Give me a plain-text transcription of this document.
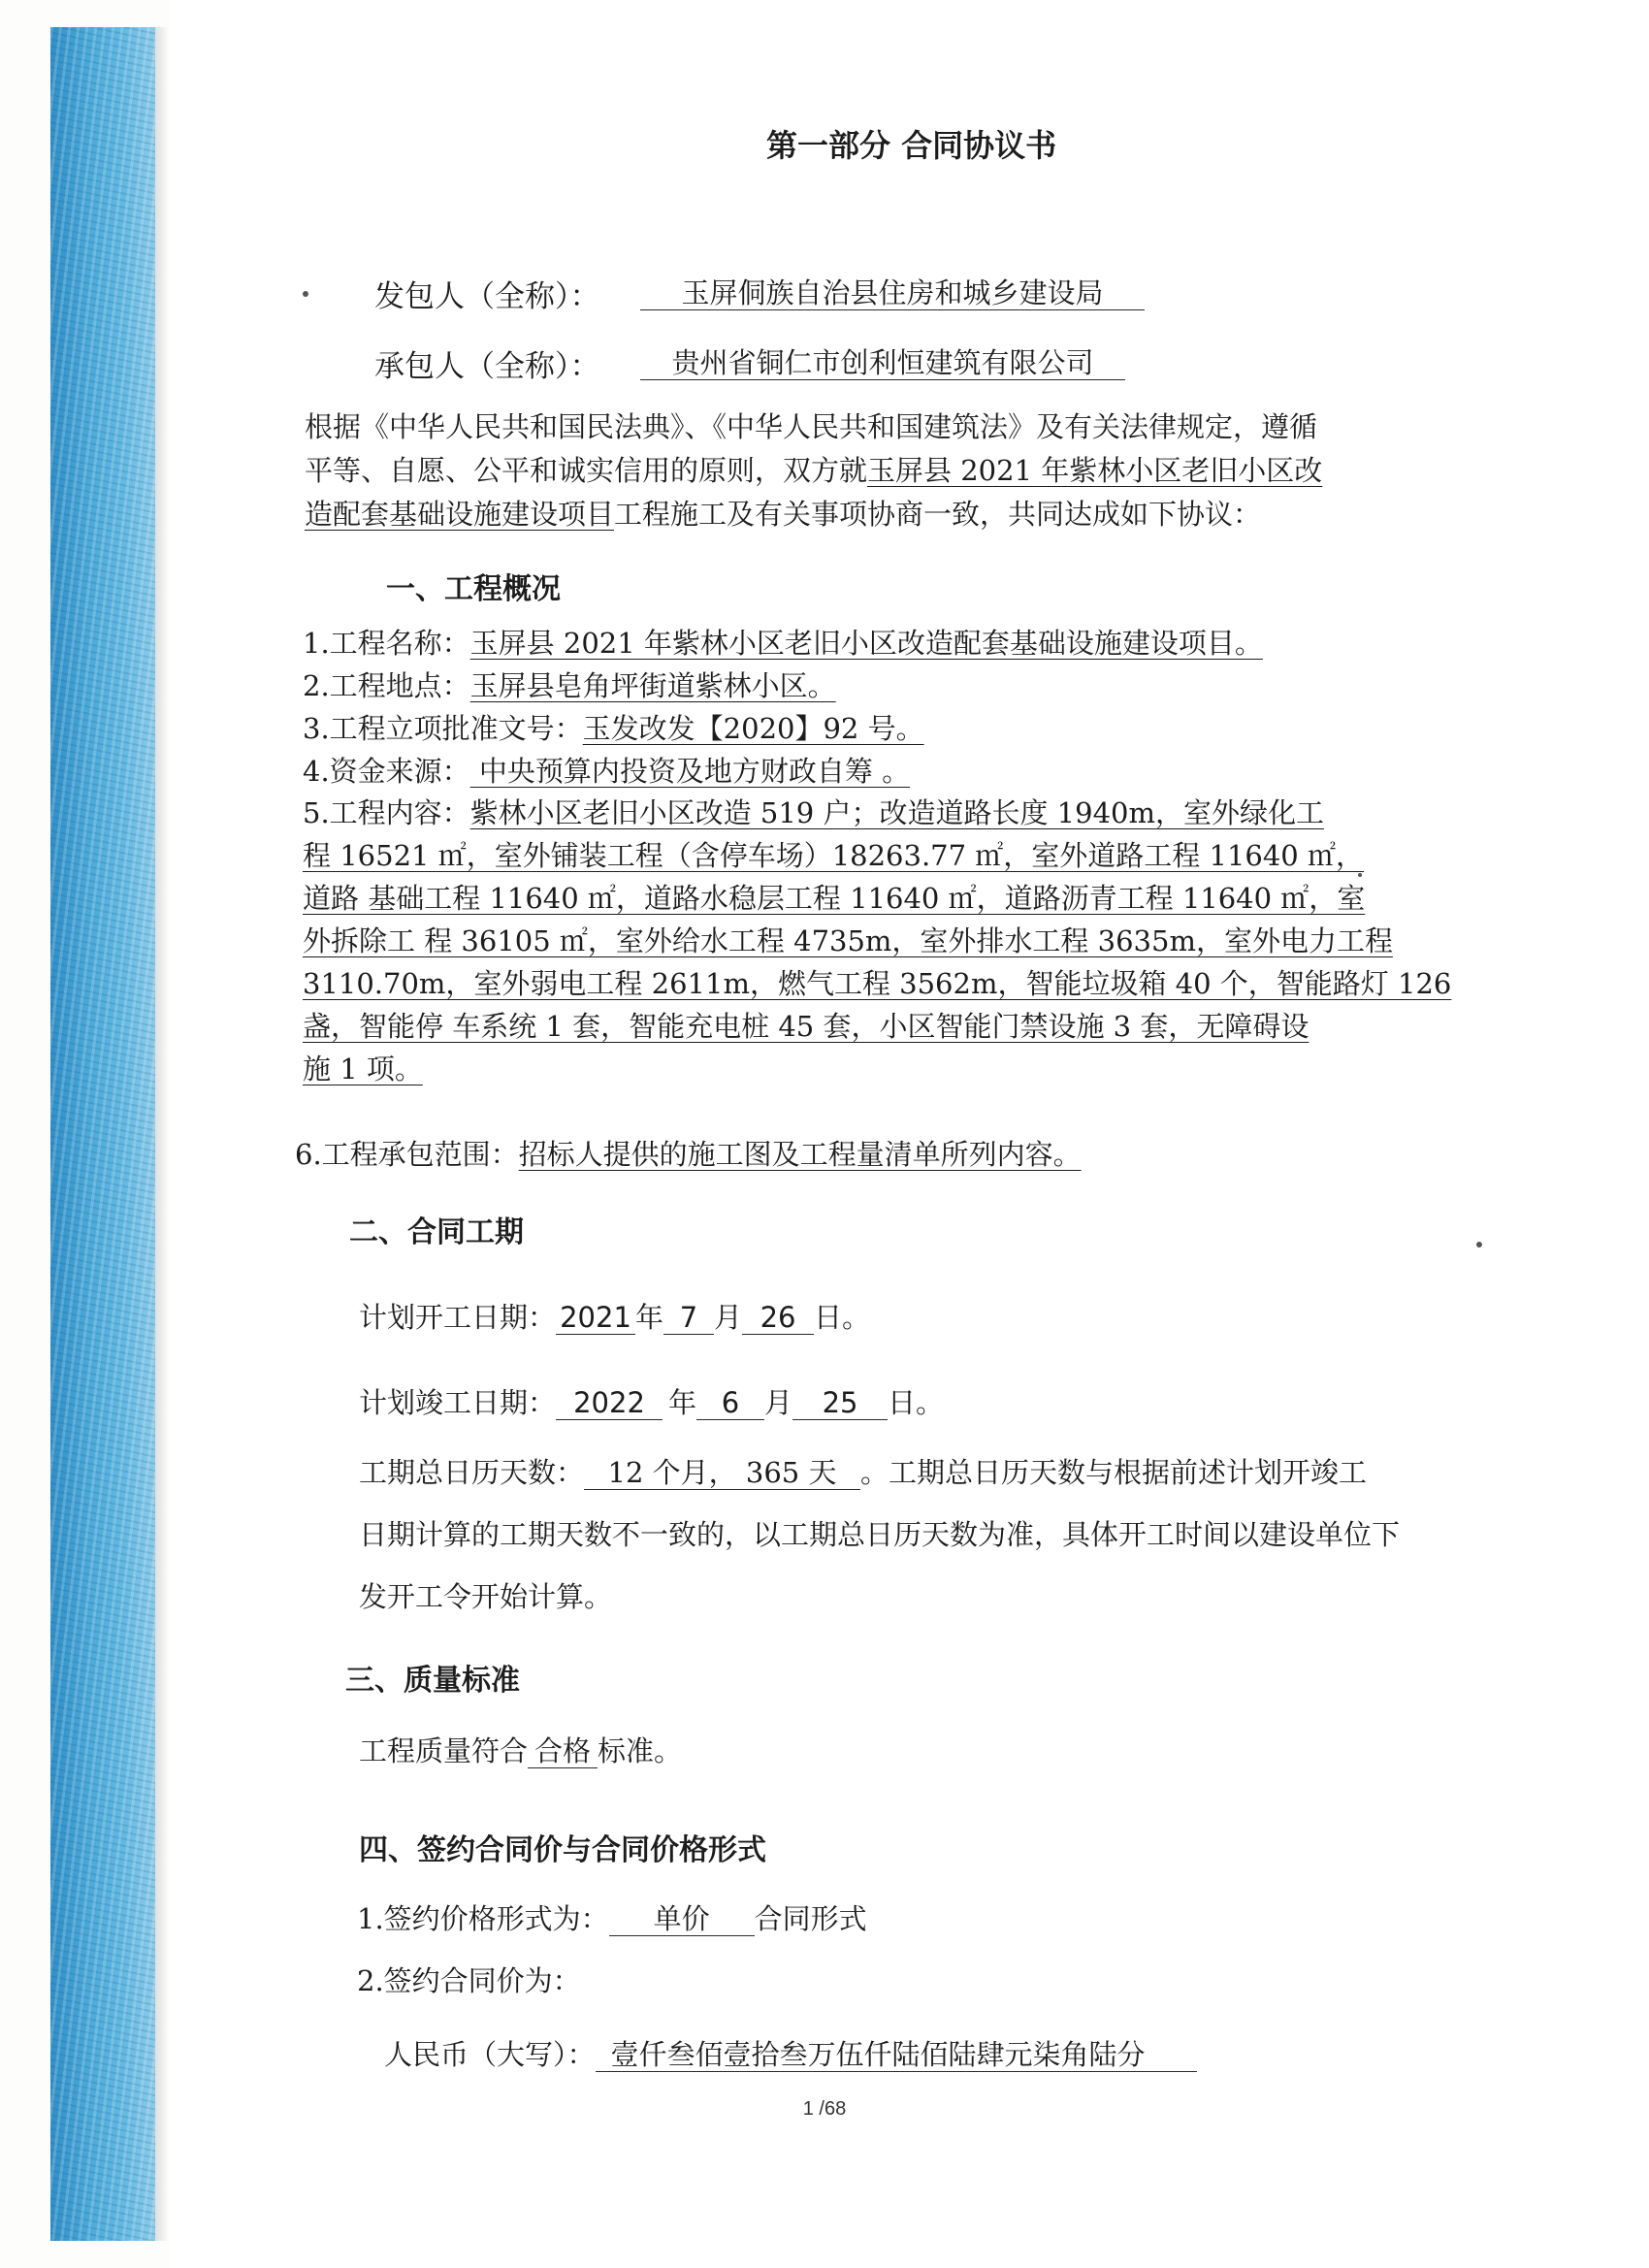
第一部分 合同协议书
发包人（全称）：	玉屏侗族自治县住房和城乡建设局
承包人（全称）：	贵州省铜仁市创利恒建筑有限公司
根据《中华人民共和国民法典》、《中华人民共和国建筑法》及有关法律规定，遵循
平等、自愿、公平和诚实信用的原则，双方就玉屏县 2021 年紫林小区老旧小区改
造配套基础设施建设项目工程施工及有关事项协商一致，共同达成如下协议：
一、工程概况
1.工程名称：玉屏县 2021 年紫林小区老旧小区改造配套基础设施建设项目。
2.工程地点：玉屏县皂角坪街道紫林小区。
3.工程立项批准文号：玉发改发【2020】92 号。
4.资金来源： 中央预算内投资及地方财政自筹 。
5.工程内容：紫林小区老旧小区改造 519 户；改造道路长度 1940m，室外绿化工
程 16521 ㎡，室外铺装工程（含停车场）18263.77 ㎡，室外道路工程 11640 ㎡，
道路 基础工程 11640 ㎡，道路水稳层工程 11640 ㎡，道路沥青工程 11640 ㎡，室
外拆除工 程 36105 ㎡，室外给水工程 4735m，室外排水工程 3635m，室外电力工程
3110.70m，室外弱电工程 2611m，燃气工程 3562m，智能垃圾箱 40 个，智能路灯 126
盏，智能停 车系统 1 套，智能充电桩 45 套，小区智能门禁设施 3 套，无障碍设
施 1 项。
6.工程承包范围：招标人提供的施工图及工程量清单所列内容。
二、合同工期
计划开工日期： 2021 年 7 月 26 日。
计划竣工日期： 2022 年 6 月 25 日。
工期总日历天数： 12 个月， 365 天 。工期总日历天数与根据前述计划开竣工
日期计算的工期天数不一致的，以工期总日历天数为准，具体开工时间以建设单位下
发开工令开始计算。
三、质量标准
工程质量符合 合格 标准。
四、签约合同价与合同价格形式
1.签约价格形式为： 单价 合同形式
2.签约合同价为：
人民币（大写）： 壹仟叁佰壹拾叁万伍仟陆佰陆肆元柒角陆分
1 /68
